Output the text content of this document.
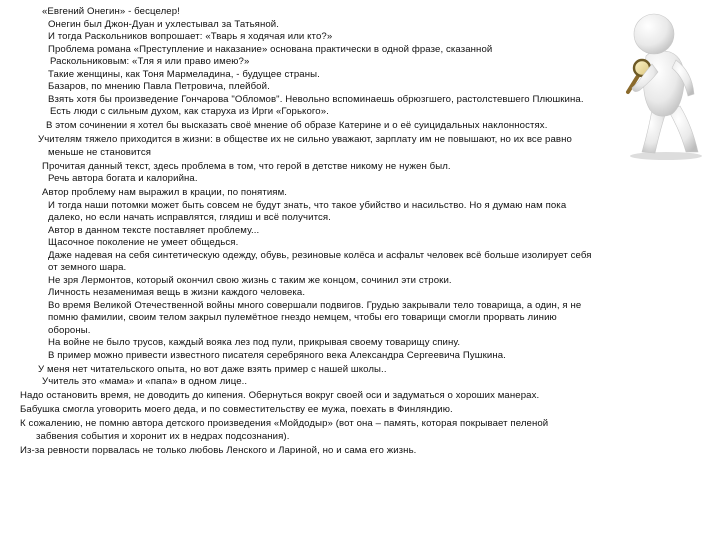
«Евгений Онегин» - бесцелер!
Онегин был Джон-Дуан и ухлестывал за Татьяной.
И тогда Раскольников вопрошает: «Тварь я ходячая или кто?»
Проблема романа «Преступление и наказание» основана практически в одной фразе, сказанной
Раскольниковым: «Тля я или право имею?»
Такие женщины, как Тоня Мармеладина, - будущее страны.
Базаров, по мнению Павла Петровича, плейбой.
Взять хотя бы произведение Гончарова "Обломов". Невольно вспоминаешь обрюзгшего, растолстевшего Плюшкина.
Есть люди с сильным духом, как старуха из Ирги «Горького».
В этом сочинении я хотел бы высказать своё мнение об образе Катерине и о её суицидальных наклонностях.
Учителям тяжело приходится в жизни: в обществе их не сильно уважают, зарплату им не повышают, но их все равно
меньше не становится
Прочитая данный текст, здесь проблема в том, что герой в детстве никому не нужен был.
Речь автора богата и калорийна.
Автор проблему нам выражил в крации, по понятиям.
И тогда наши потомки может быть совсем не будут знать, что такое убийство и насильство. Но я думаю нам пока
далеко, но если начать исправлятся, глядиш и всё получится.
Автор в данном тексте поставляет проблему...
Щасочное поколение не умеет общедься.
Даже надевая на себя синтетическую одежду, обувь, резиновые колёса и асфальт человек всё больше изолирует себя
от земного шара.
Не зря Лермонтов, который окончил свою жизнь с таким же концом, сочинил эти строки.
Личность незаменимая вещь в жизни каждого человека.
Во время Великой Отечественной войны много совершали подвигов. Грудью закрывали тело товарища, а один, я не
помню фамилии, своим телом закрыл пулемётное гнездо немцем, чтобы его товарищи смогли прорвать линию
обороны.
На войне не было трусов, каждый вояка лез под пули, прикрывая своему товарищу спину.
В пример можно привести известного писателя серебряного века Александра Сергеевича Пушкина.
У меня нет читательского опыта, но вот даже взять пример с нашей школы..
Учитель это «мама» и «папа» в одном лице..
Надо остановить время, не доводить до кипения. Обернуться вокруг своей оси и задуматься о хороших манерах.
Бабушка смогла уговорить моего деда, и по совместительству ее мужа, поехать в Финляндию.
К сожалению, не помню автора детского произведения «Мойдодыр» (вот она – память, которая покрывает пеленой
забвения события и хоронит их в недрах подсознания).
Из-за ревности порвалась не только любовь Ленского и Лариной, но и сама его жизнь.
